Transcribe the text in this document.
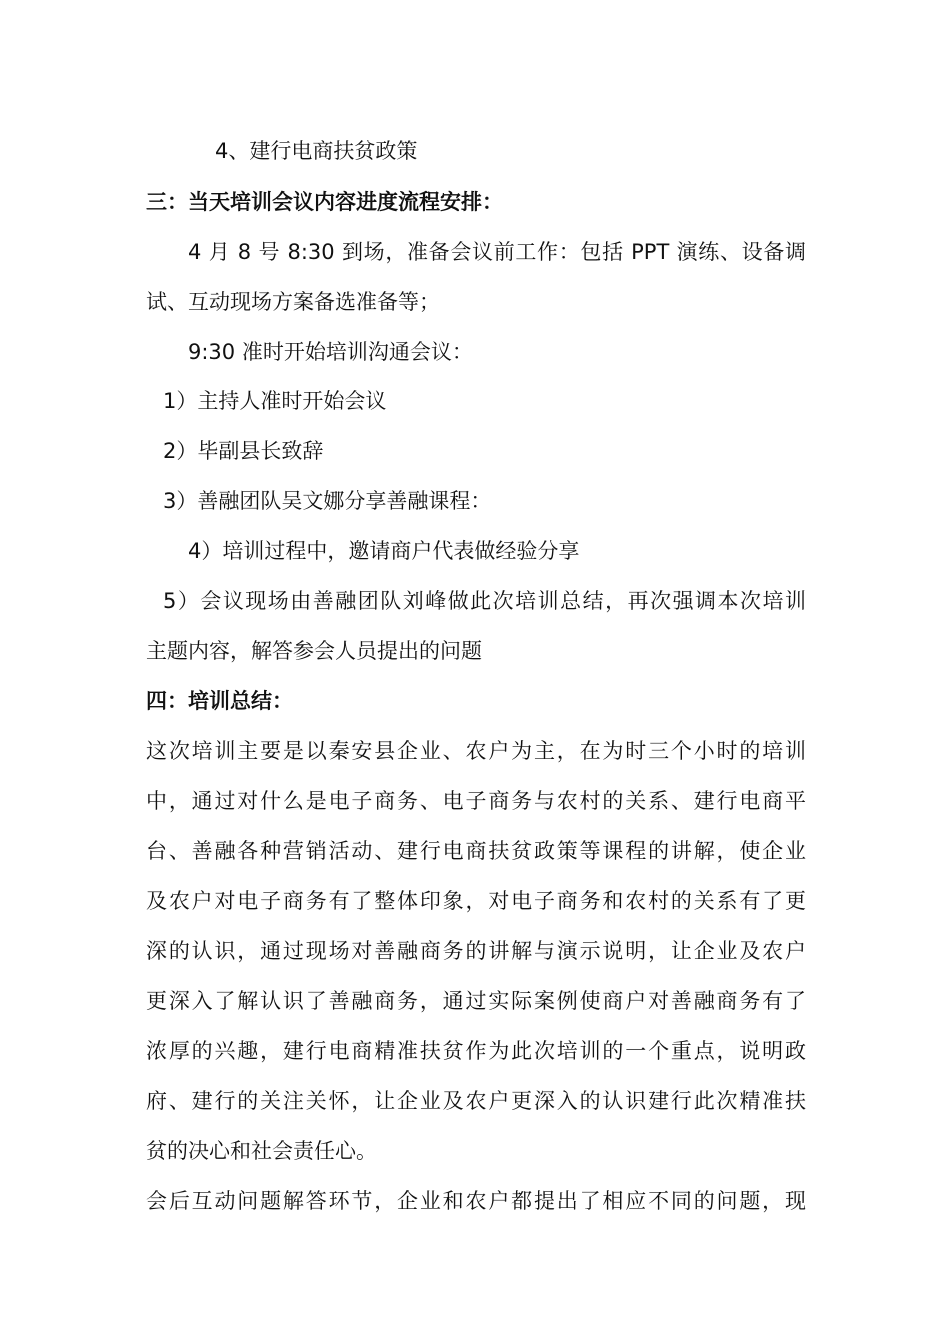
4、建行电商扶贫政策
三：当天培训会议内容进度流程安排：
4 月 8 号 8:30 到场，准备会议前工作：包括 PPT 演练、设备调
试、互动现场方案备选准备等；
9:30 准时开始培训沟通会议：
1）主持人准时开始会议
2）毕副县长致辞
3）善融团队吴文娜分享善融课程：
4）培训过程中，邀请商户代表做经验分享
5）会议现场由善融团队刘峰做此次培训总结，再次强调本次培训
主题内容，解答参会人员提出的问题
四：培训总结：
这次培训主要是以秦安县企业、农户为主，在为时三个小时的培训
中，通过对什么是电子商务、电子商务与农村的关系、建行电商平
台、善融各种营销活动、建行电商扶贫政策等课程的讲解，使企业
及农户对电子商务有了整体印象，对电子商务和农村的关系有了更
深的认识，通过现场对善融商务的讲解与演示说明，让企业及农户
更深入了解认识了善融商务，通过实际案例使商户对善融商务有了
浓厚的兴趣，建行电商精准扶贫作为此次培训的一个重点，说明政
府、建行的关注关怀，让企业及农户更深入的认识建行此次精准扶
贫的决心和社会责任心。
会后互动问题解答环节，企业和农户都提出了相应不同的问题，现
